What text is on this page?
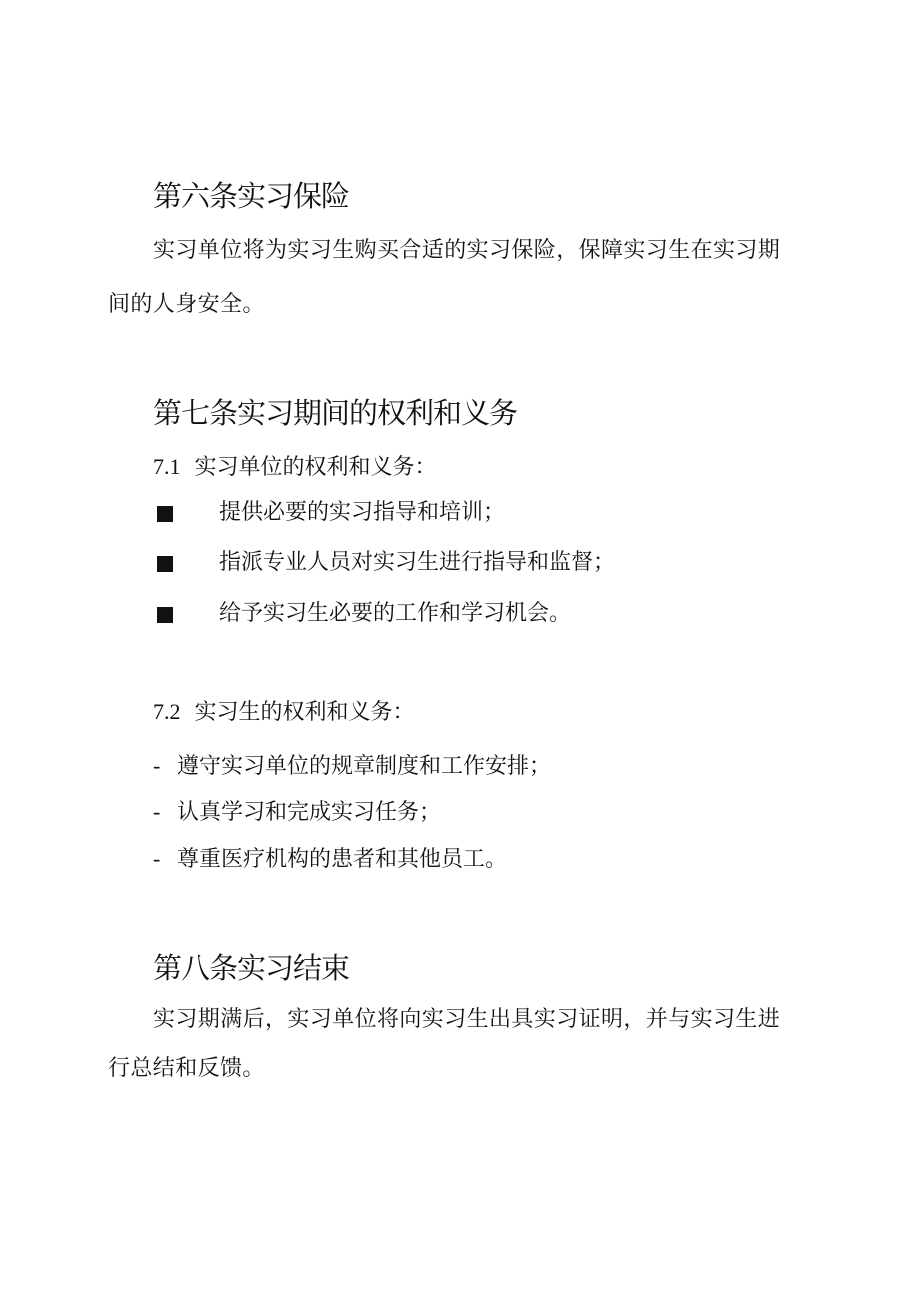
第六条实习保险
实习单位将为实习生购买合适的实习保险，保障实习生在实习期
间的人身安全。
第七条实习期间的权利和义务
7.1 实习单位的权利和义务：
提供必要的实习指导和培训；
指派专业人员对实习生进行指导和监督；
给予实习生必要的工作和学习机会。
7.2 实习生的权利和义务：
- 遵守实习单位的规章制度和工作安排；
- 认真学习和完成实习任务；
- 尊重医疗机构的患者和其他员工。
第八条实习结束
实习期满后，实习单位将向实习生出具实习证明，并与实习生进
行总结和反馈。
